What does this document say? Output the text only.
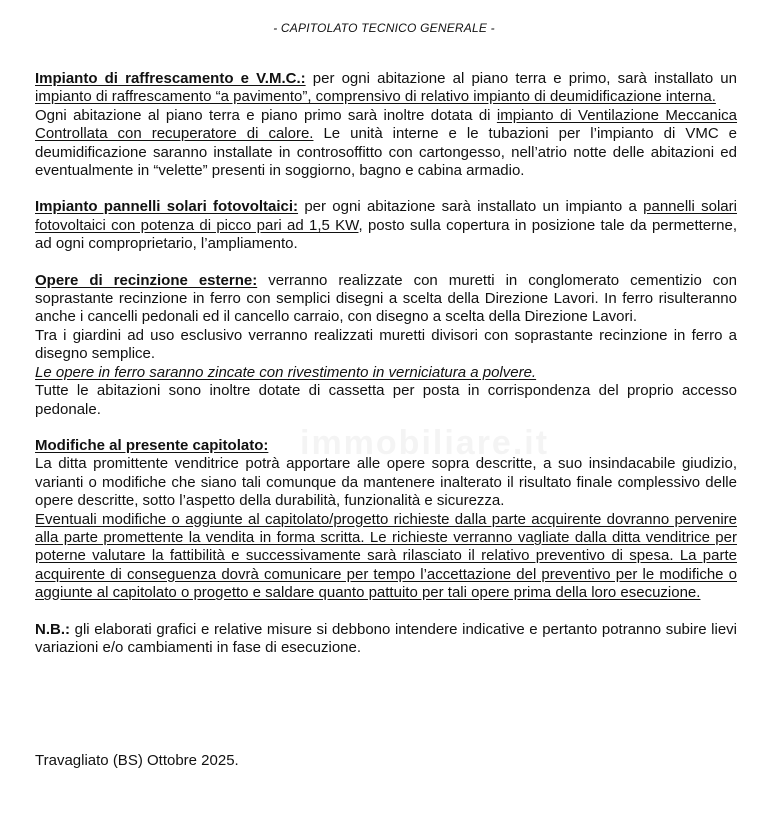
- CAPITOLATO TECNICO GENERALE -
immobiliare.it

Impianto di raffrescamento e V.M.C.: per ogni abitazione al piano terra e primo, sarà installato un impianto di raffrescamento “a pavimento”, comprensivo di relativo impianto di deumidificazione interna.

Ogni abitazione al piano terra e piano primo sarà inoltre dotata di impianto di Ventilazione Meccanica Controllata con recuperatore di calore. Le unità interne e le tubazioni per l’impianto di VMC e deumidificazione saranno installate in controsoffitto con cartongesso, nell’atrio notte delle abitazioni ed eventualmente in “velette” presenti in soggiorno, bagno e cabina armadio.

Impianto pannelli solari fotovoltaici: per ogni abitazione sarà installato un impianto a pannelli solari fotovoltaici con potenza di picco pari ad 1,5 KW, posto sulla copertura in posizione tale da permetterne, ad ogni comproprietario, l’ampliamento.

Opere di recinzione esterne: verranno realizzate con muretti in conglomerato cementizio con soprastante recinzione in ferro con semplici disegni a scelta della Direzione Lavori. In ferro risulteranno anche i cancelli pedonali ed il cancello carraio, con disegno a scelta della Direzione Lavori.

Tra i giardini ad uso esclusivo verranno realizzati muretti divisori con soprastante recinzione in ferro a disegno semplice.

Le opere in ferro saranno zincate con rivestimento in verniciatura a polvere.

Tutte le abitazioni sono inoltre dotate di cassetta per posta in corrispondenza del proprio accesso pedonale.

Modifiche al presente capitolato:

La ditta promittente venditrice potrà apportare alle opere sopra descritte, a suo insindacabile giudizio, varianti o modifiche che siano tali comunque da mantenere inalterato il risultato finale complessivo delle opere descritte, sotto l’aspetto della durabilità, funzionalità e sicurezza.

Eventuali modifiche o aggiunte al capitolato/progetto richieste dalla parte acquirente dovranno pervenire alla parte promettente la vendita in forma scritta. Le richieste verranno vagliate dalla ditta venditrice per poterne valutare la fattibilità e successivamente sarà rilasciato il relativo preventivo di spesa. La parte acquirente di conseguenza dovrà comunicare per tempo l’accettazione del preventivo per le modifiche o aggiunte al capitolato o progetto e saldare quanto pattuito per tali opere prima della loro esecuzione.

N.B.: gli elaborati grafici e relative misure si debbono intendere indicative e pertanto potranno subire lievi variazioni e/o cambiamenti in fase di esecuzione.

Travagliato (BS) Ottobre 2025.
